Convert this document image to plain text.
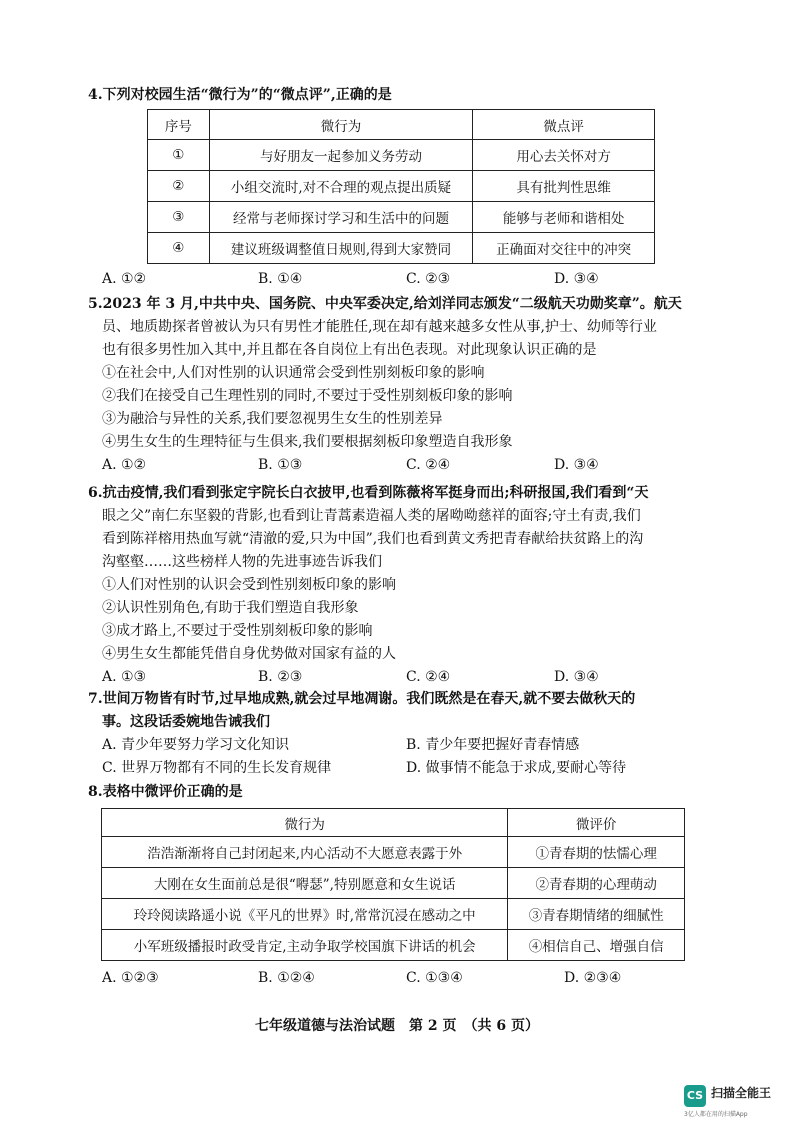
4.下列对校园生活“微行为”的“微点评”,正确的是
序号	微行为	微点评
①	与好朋友一起参加义务劳动	用心去关怀对方
②	小组交流时,对不合理的观点提出质疑	具有批判性思维
③	经常与老师探讨学习和生活中的问题	能够与老师和谐相处
④	建议班级调整值日规则,得到大家赞同	正确面对交往中的冲突
A. ①②	B. ①④	C. ②③	D. ③④
5.2023 年 3 月,中共中央、国务院、中央军委决定,给刘洋同志颁发“二级航天功勋奖章”。航天
员、地质勘探者曾被认为只有男性才能胜任,现在却有越来越多女性从事,护士、幼师等行业
也有很多男性加入其中,并且都在各自岗位上有出色表现。对此现象认识正确的是
①在社会中,人们对性别的认识通常会受到性别刻板印象的影响
②我们在接受自己生理性别的同时,不要过于受性别刻板印象的影响
③为融洽与异性的关系,我们要忽视男生女生的性别差异
④男生女生的生理特征与生俱来,我们要根据刻板印象塑造自我形象
A. ①②	B. ①③	C. ②④	D. ③④
6.抗击疫情,我们看到张定宇院长白衣披甲,也看到陈薇将军挺身而出;科研报国,我们看到“天
眼之父”南仁东坚毅的背影,也看到让青蒿素造福人类的屠呦呦慈祥的面容;守土有责,我们
看到陈祥榕用热血写就“清澈的爱,只为中国”,我们也看到黄文秀把青春献给扶贫路上的沟
沟壑壑……这些榜样人物的先进事迹告诉我们
①人们对性别的认识会受到性别刻板印象的影响
②认识性别角色,有助于我们塑造自我形象
③成才路上,不要过于受性别刻板印象的影响
④男生女生都能凭借自身优势做对国家有益的人
A. ①③	B. ②③	C. ②④	D. ③④
7.世间万物皆有时节,过早地成熟,就会过早地凋谢。我们既然是在春天,就不要去做秋天的
事。这段话委婉地告诫我们
A. 青少年要努力学习文化知识	B. 青少年要把握好青春情感
C. 世界万物都有不同的生长发育规律	D. 做事情不能急于求成,要耐心等待
8.表格中微评价正确的是
微行为	微评价
浩浩渐渐将自己封闭起来,内心活动不大愿意表露于外	①青春期的怯懦心理
大刚在女生面前总是很“嘚瑟”,特别愿意和女生说话	②青春期的心理萌动
玲玲阅读路遥小说《平凡的世界》时,常常沉浸在感动之中	③青春期情绪的细腻性
小军班级播报时政受肯定,主动争取学校国旗下讲话的机会	④相信自己、增强自信
A. ①②③	B. ①②④	C. ①③④	D. ②③④
七年级道德与法治试题　第 2 页　（共 6 页）
CS 扫描全能王
3亿人都在用的扫描App
